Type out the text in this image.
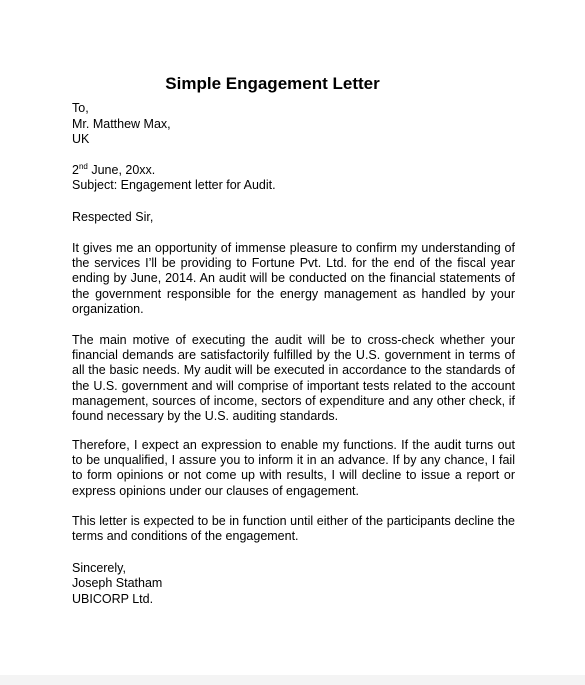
Simple Engagement Letter
To,
Mr. Matthew Max,
UK
2nd June, 20xx.
Subject: Engagement letter for Audit.
Respected Sir,
It gives me an opportunity of immense pleasure to confirm my understanding of the services I’ll be providing to Fortune Pvt. Ltd. for the end of the fiscal year ending by June, 2014. An audit will be conducted on the financial statements of the government responsible for the energy management as handled by your organization.
The main motive of executing the audit will be to cross-check whether your financial demands are satisfactorily fulfilled by the U.S. government in terms of all the basic needs. My audit will be executed in accordance to the standards of the U.S. government and will comprise of important tests related to the account management, sources of income, sectors of expenditure and any other check, if found necessary by the U.S. auditing standards.
Therefore, I expect an expression to enable my functions. If the audit turns out to be unqualified, I assure you to inform it in an advance. If by any chance, I fail to form opinions or not come up with results, I will decline to issue a report or express opinions under our clauses of engagement.
This letter is expected to be in function until either of the participants decline the terms and conditions of the engagement.
Sincerely,
Joseph Statham
UBICORP Ltd.
